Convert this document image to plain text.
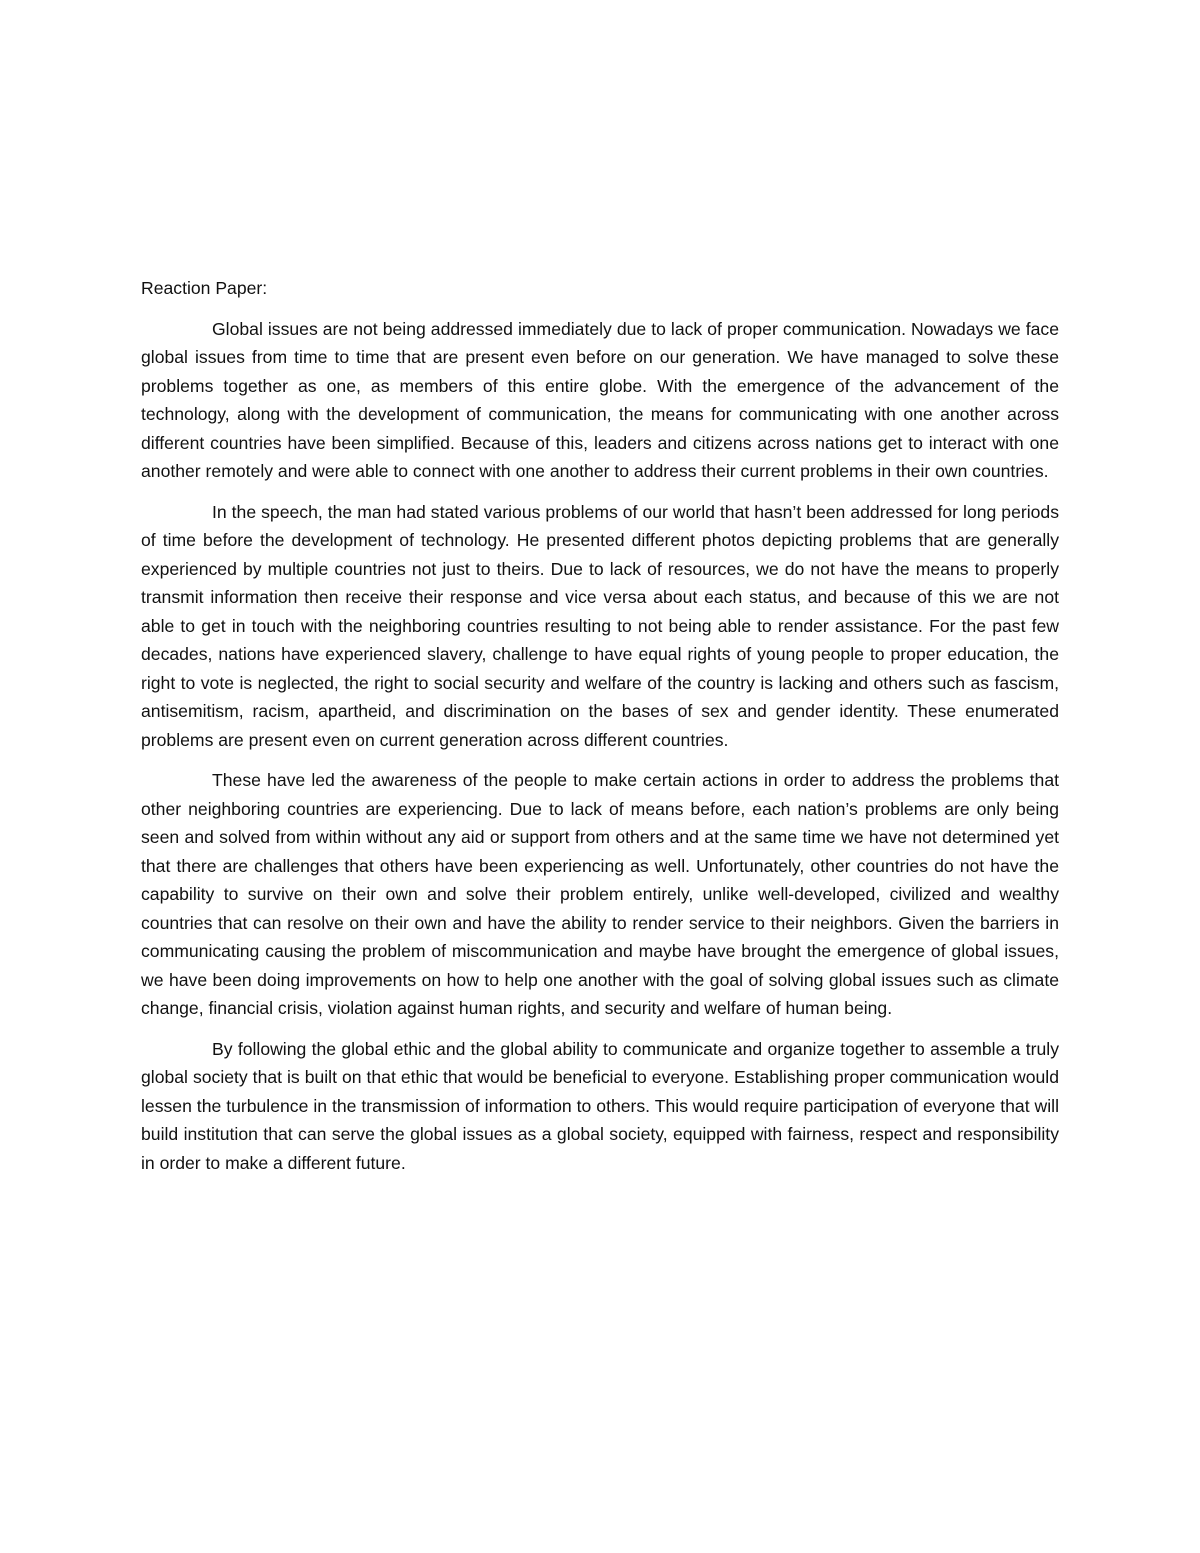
Reaction Paper:

Global issues are not being addressed immediately due to lack of proper communication. Nowadays we face global issues from time to time that are present even before on our generation. We have managed to solve these problems together as one, as members of this entire globe. With the emergence of the advancement of the technology, along with the development of communication, the means for communicating with one another across different countries have been simplified. Because of this, leaders and citizens across nations get to interact with one another remotely and were able to connect with one another to address their current problems in their own countries.

In the speech, the man had stated various problems of our world that hasn’t been addressed for long periods of time before the development of technology. He presented different photos depicting problems that are generally experienced by multiple countries not just to theirs. Due to lack of resources, we do not have the means to properly transmit information then receive their response and vice versa about each status, and because of this we are not able to get in touch with the neighboring countries resulting to not being able to render assistance. For the past few decades, nations have experienced slavery, challenge to have equal rights of young people to proper education, the right to vote is neglected, the right to social security and welfare of the country is lacking and others such as fascism, antisemitism, racism, apartheid, and discrimination on the bases of sex and gender identity. These enumerated problems are present even on current generation across different countries.

These have led the awareness of the people to make certain actions in order to address the problems that other neighboring countries are experiencing. Due to lack of means before, each nation’s problems are only being seen and solved from within without any aid or support from others and at the same time we have not determined yet that there are challenges that others have been experiencing as well. Unfortunately, other countries do not have the capability to survive on their own and solve their problem entirely, unlike well-developed, civilized and wealthy countries that can resolve on their own and have the ability to render service to their neighbors. Given the barriers in communicating causing the problem of miscommunication and maybe have brought the emergence of global issues, we have been doing improvements on how to help one another with the goal of solving global issues such as climate change, financial crisis, violation against human rights, and security and welfare of human being.

By following the global ethic and the global ability to communicate and organize together to assemble a truly global society that is built on that ethic that would be beneficial to everyone. Establishing proper communication would lessen the turbulence in the transmission of information to others. This would require participation of everyone that will build institution that can serve the global issues as a global society, equipped with fairness, respect and responsibility in order to make a different future.
